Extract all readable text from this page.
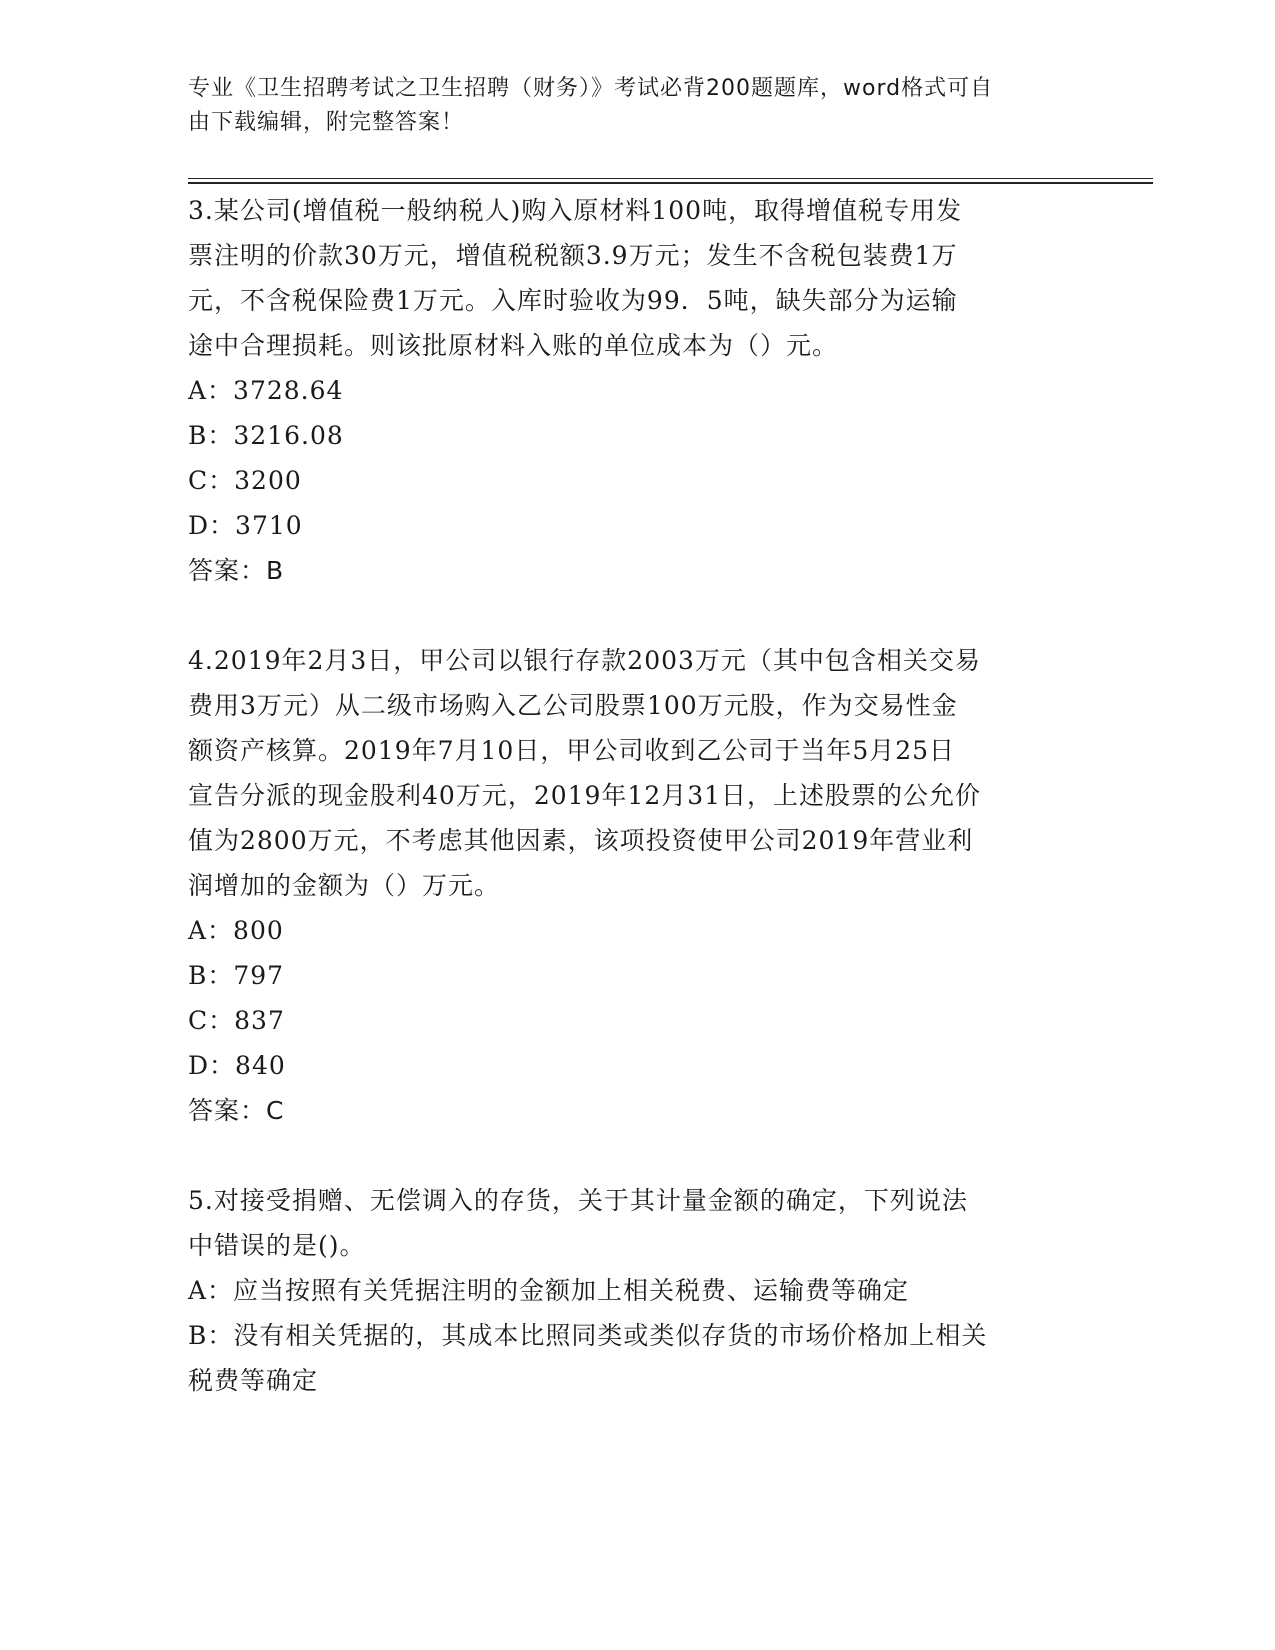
专业《卫生招聘考试之卫生招聘（财务）》考试必背200题题库，word格式可自
由下载编辑，附完整答案！

3.某公司(增值税一般纳税人)购入原材料100吨，取得增值税专用发

票注明的价款30万元，增值税税额3.9万元；发生不含税包装费1万

元，不含税保险费1万元。入库时验收为99．5吨，缺失部分为运输

途中合理损耗。则该批原材料入账的单位成本为（）元。

A：3728.64

B：3216.08

C：3200

D：3710

答案：B

4.2019年2月3日，甲公司以银行存款2003万元（其中包含相关交易

费用3万元）从二级市场购入乙公司股票100万元股，作为交易性金

额资产核算。2019年7月10日，甲公司收到乙公司于当年5月25日

宣告分派的现金股利40万元，2019年12月31日，上述股票的公允价

值为2800万元，不考虑其他因素，该项投资使甲公司2019年营业利

润增加的金额为（）万元。

A：800

B：797

C：837

D：840

答案：C

5.对接受捐赠、无偿调入的存货，关于其计量金额的确定，下列说法

中错误的是()。

A：应当按照有关凭据注明的金额加上相关税费、运输费等确定

B：没有相关凭据的，其成本比照同类或类似存货的市场价格加上相关

税费等确定
